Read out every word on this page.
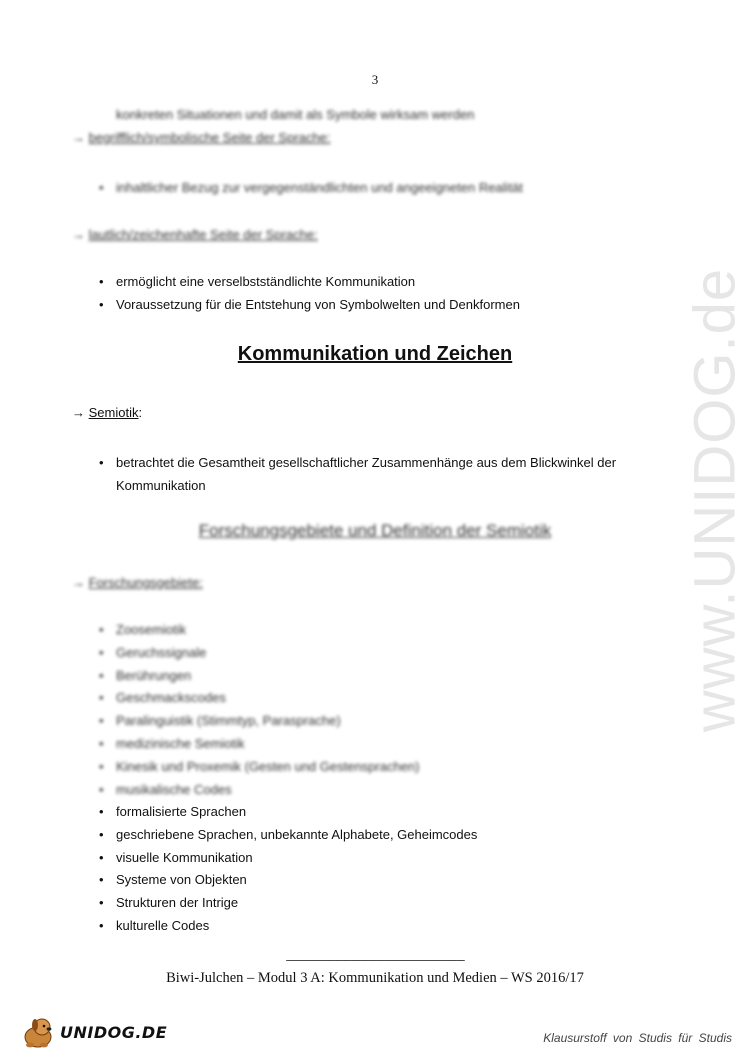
www.UNIDOG.de
3
konkreten Situationen und damit als Symbole wirksam werden
→ begrifflich/symbolische Seite der Sprache:
• inhaltlicher Bezug zur vergegenständlichten und angeeigneten Realität
→ lautlich/zeichenhafte Seite der Sprache:
• ermöglicht eine verselbstständlichte Kommunikation
• Voraussetzung für die Entstehung von Symbolwelten und Denkformen
Kommunikation und Zeichen
→ Semiotik:
• betrachtet die Gesamtheit gesellschaftlicher Zusammenhänge aus dem Blickwinkel der
Kommunikation
Forschungsgebiete und Definition der Semiotik
→ Forschungsgebiete:
• Zoosemiotik
• Geruchssignale
• Berührungen
• Geschmackscodes
• Paralinguistik (Stimmtyp, Parasprache)
• medizinische Semiotik
• Kinesik und Proxemik (Gesten und Gestensprachen)
• musikalische Codes
• formalisierte Sprachen
• geschriebene Sprachen, unbekannte Alphabete, Geheimcodes
• visuelle Kommunikation
• Systeme von Objekten
• Strukturen der Intrige
• kulturelle Codes
-------------------------------------------------------------------
Biwi-Julchen – Modul 3 A: Kommunikation und Medien – WS 2016/17
UNIDOG.DE	Klausurstoff von Studis für Studis
